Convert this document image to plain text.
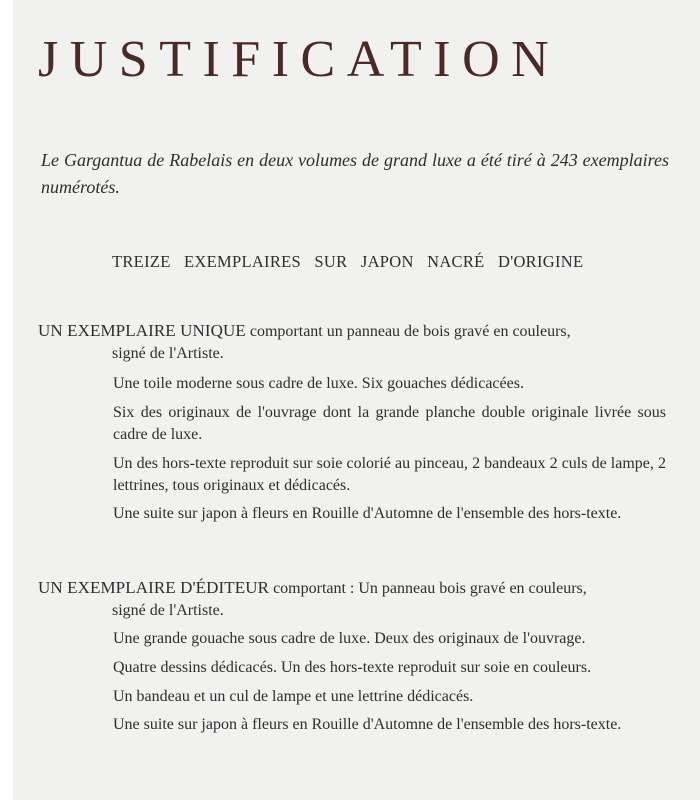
JUSTIFICATION

Le Gargantua de Rabelais en deux volumes de grand luxe a été tiré à 243 exemplaires numérotés.

TREIZE EXEMPLAIRES SUR JAPON NACRÉ D'ORIGINE

UN EXEMPLAIRE UNIQUE comportant un panneau de bois gravé en couleurs,
signé de l'Artiste.

Une toile moderne sous cadre de luxe. Six gouaches dédicacées.

Six des originaux de l'ouvrage dont la grande planche double originale livrée sous cadre de luxe.

Un des hors-texte reproduit sur soie colorié au pinceau, 2 bandeaux 2 culs de lampe, 2 lettrines, tous originaux et dédicacés.

Une suite sur japon à fleurs en Rouille d'Automne de l'ensemble des hors-texte.

UN EXEMPLAIRE D'ÉDITEUR comportant : Un panneau bois gravé en couleurs,
signé de l'Artiste.

Une grande gouache sous cadre de luxe. Deux des originaux de l'ouvrage.

Quatre dessins dédicacés. Un des hors-texte reproduit sur soie en couleurs.

Un bandeau et un cul de lampe et une lettrine dédicacés.

Une suite sur japon à fleurs en Rouille d'Automne de l'ensemble des hors-texte.
